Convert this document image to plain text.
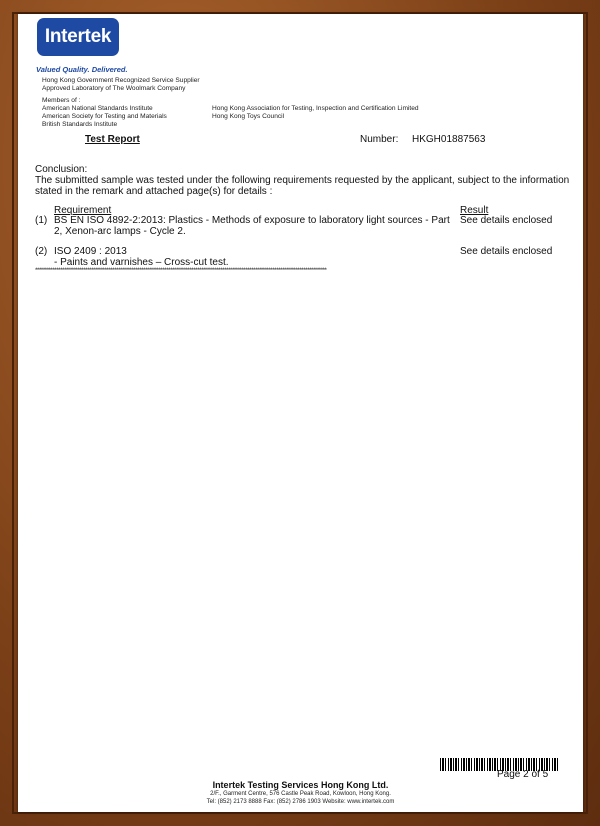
Intertek
Valued Quality. Delivered.
Hong Kong Government Recognized Service Supplier
Approved Laboratory of The Woolmark Company
Members of :
American National Standards Institute
American Society for Testing and Materials
British Standards Institute
Hong Kong Association for Testing, Inspection and Certification Limited
Hong Kong Toys Council
Test Report	Number: HKGH01887563
Conclusion:
The submitted sample was tested under the following requirements requested by the applicant, subject to the information
stated in the remark and attached page(s) for details :
Requirement	Result
(1) BS EN ISO 4892-2:2013: Plastics - Methods of exposure to laboratory light sources - Part
2, Xenon-arc lamps - Cycle 2.
See details enclosed
(2) ISO 2409 : 2013
- Paints and varnishes – Cross-cut test.
See details enclosed
*******************************************************************************************************************************************************
Page 2 of 5
Intertek Testing Services Hong Kong Ltd.
2/F., Garment Centre, 576 Castle Peak Road, Kowloon, Hong Kong.
Tel: (852) 2173 8888 Fax: (852) 2786 1903 Website: www.intertek.com
